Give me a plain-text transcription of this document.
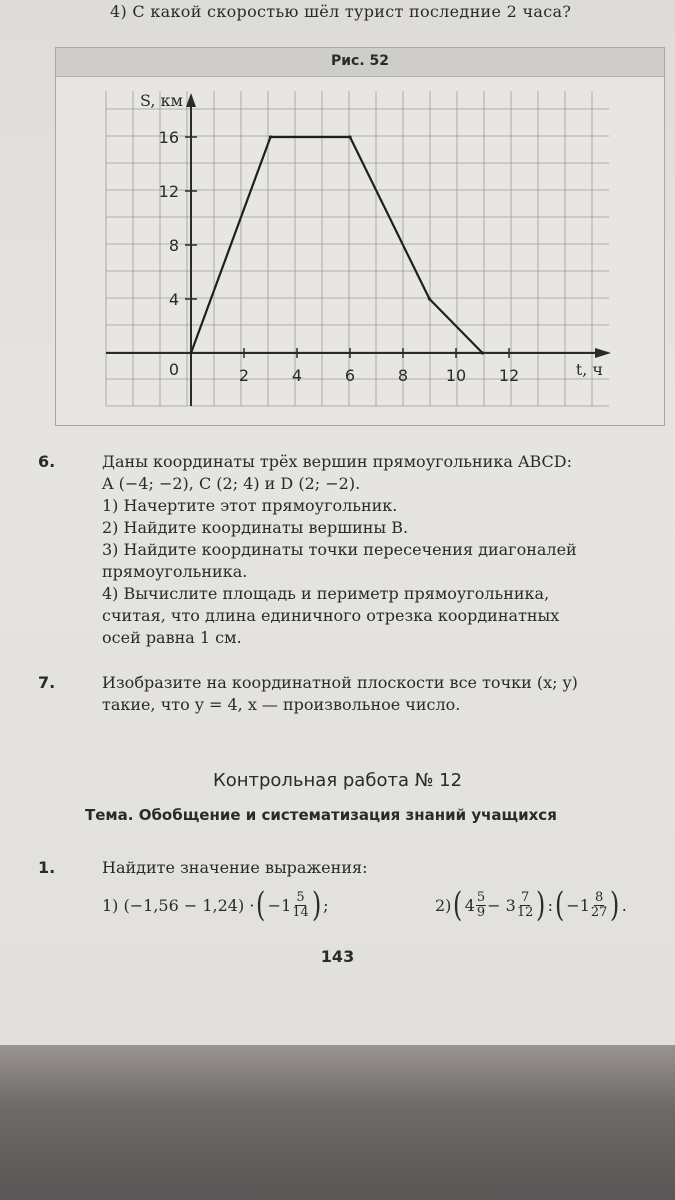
4) С какой скоростью шёл турист последние 2 часа?
Рис. 52
2	4	6	8 10 12
4
8
12
16
0
S, км
t, ч
6.	Даны координаты трёх вершин прямоугольника ABCD:
A (−4; −2), C (2; 4) и D (2; −2).
1) Начертите этот прямоугольник.
2) Найдите координаты вершины B.
3) Найдите координаты точки пересечения диагоналей
прямоугольника.
4) Вычислите площадь и периметр прямоугольника,
считая, что длина единичного отрезка координатных
осей равна 1 см.
7.	Изобразите на координатной плоскости все точки (x; y)
такие, что y = 4, x — произвольное число.
Контрольная работа № 12
Тема. Обобщение и систематизация знаний учащихся
1.	Найдите значение выражения:
1) (−1,56 − 1,24) · ( $-1 \frac{5}{14}$ ) ;	2) ( $4 \frac{5}{9} - 3 \frac{7}{12}$ ) : ( $-1 \frac{8}{27}$ ) .
143
